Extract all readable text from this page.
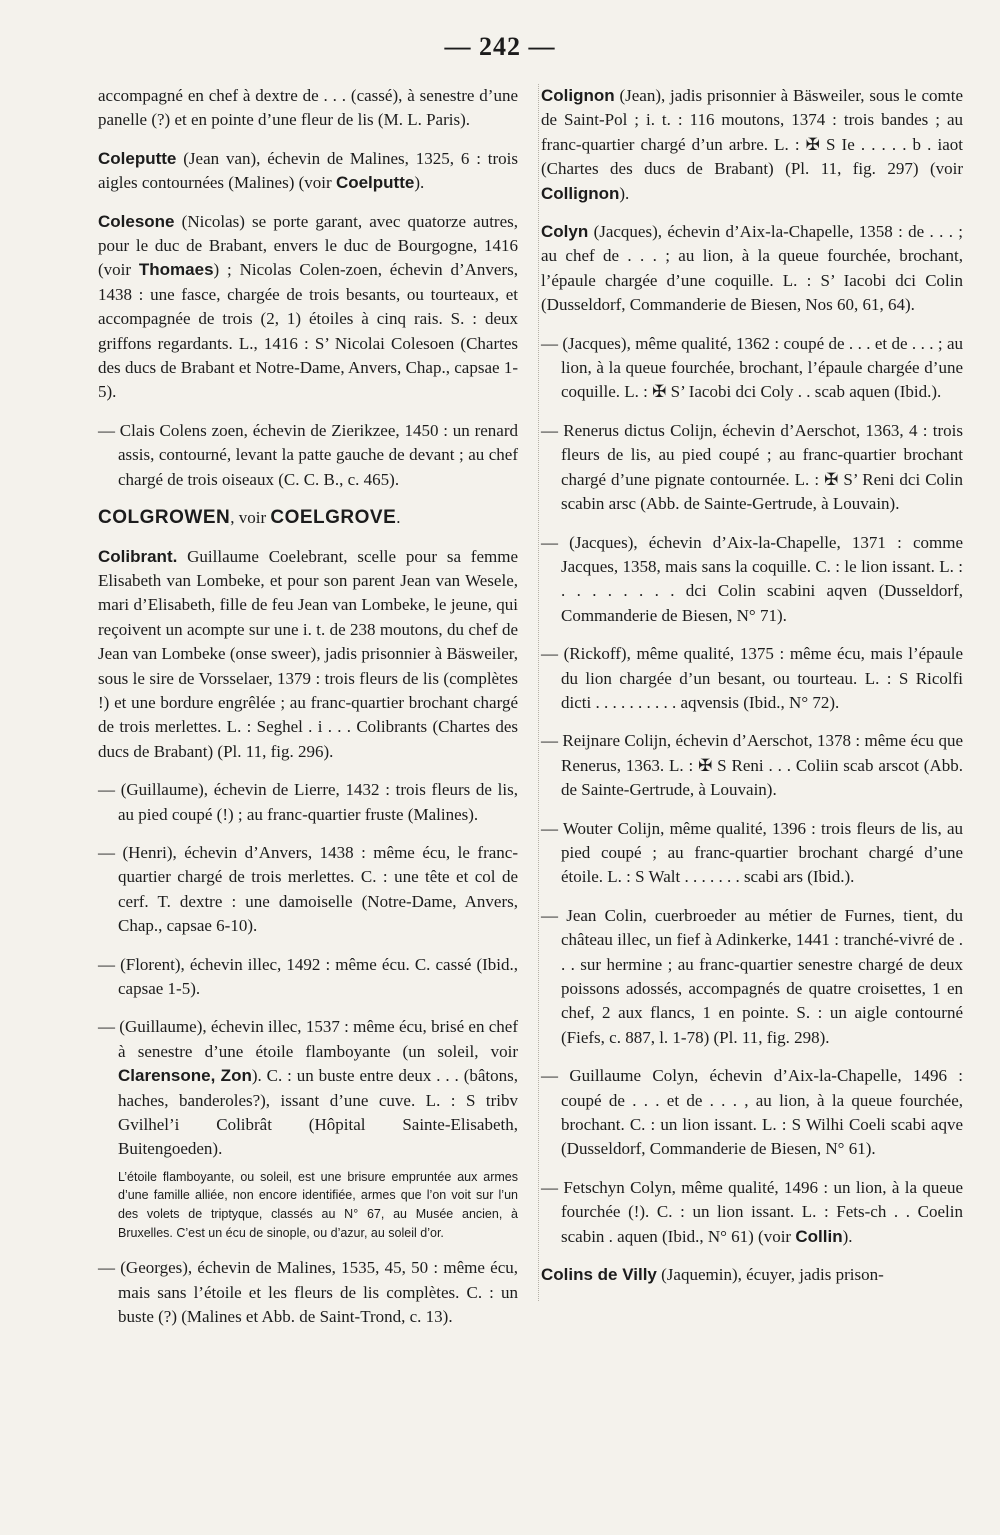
— 242 —

accompagné en chef à dextre de . . . (cassé), à senestre d’une panelle (?) et en pointe d’une fleur de lis (M. L. Paris).

Coleputte (Jean van), échevin de Malines, 1325, 6 : trois aigles contournées (Malines) (voir Coelputte).

Colesone (Nicolas) se porte garant, avec quatorze autres, pour le duc de Brabant, envers le duc de Bourgogne, 1416 (voir Thomaes) ; Nicolas Colen-zoen, échevin d’Anvers, 1438 : une fasce, chargée de trois besants, ou tourteaux, et accompagnée de trois (2, 1) étoiles à cinq rais. S. : deux griffons regardants. L., 1416 : S’ Nicolai Colesoen (Chartes des ducs de Brabant et Notre-Dame, Anvers, Chap., capsae 1-5).

— Clais Colens zoen, échevin de Zierikzee, 1450 : un renard assis, contourné, levant la patte gauche de devant ; au chef chargé de trois oiseaux (C. C. B., c. 465).

COLGROWEN, voir COELGROVE.

Colibrant. Guillaume Coelebrant, scelle pour sa femme Elisabeth van Lombeke, et pour son parent Jean van Wesele, mari d’Elisabeth, fille de feu Jean van Lombeke, le jeune, qui reçoivent un acompte sur une i. t. de 238 moutons, du chef de Jean van Lombeke (onse sweer), jadis prisonnier à Bäsweiler, sous le sire de Vorsselaer, 1379 : trois fleurs de lis (complètes !) et une bordure engrêlée ; au franc-quartier brochant chargé de trois merlettes. L. : Seghel . i . . . Colibrants (Chartes des ducs de Brabant) (Pl. 11, fig. 296).

— (Guillaume), échevin de Lierre, 1432 : trois fleurs de lis, au pied coupé (!) ; au franc-quartier fruste (Malines).

— (Henri), échevin d’Anvers, 1438 : même écu, le franc-quartier chargé de trois merlettes. C. : une tête et col de cerf. T. dextre : une damoiselle (Notre-Dame, Anvers, Chap., capsae 6-10).

— (Florent), échevin illec, 1492 : même écu. C. cassé (Ibid., capsae 1-5).

— (Guillaume), échevin illec, 1537 : même écu, brisé en chef à senestre d’une étoile flamboyante (un soleil, voir Clarensone, Zon). C. : un buste entre deux . . . (bâtons, haches, banderoles?), issant d’une cuve. L. : S tribv Gvilhel’i Colibrât (Hôpital Sainte-Elisabeth, Buitengoeden).

L’étoile flamboyante, ou soleil, est une brisure empruntée aux armes d’une famille alliée, non encore identifiée, armes que l’on voit sur l’un des volets de triptyque, classés au N° 67, au Musée ancien, à Bruxelles. C’est un écu de sinople, ou d’azur, au soleil d’or.

— (Georges), échevin de Malines, 1535, 45, 50 : même écu, mais sans l’étoile et les fleurs de lis complètes. C. : un buste (?) (Malines et Abb. de Saint-Trond, c. 13).

Colignon (Jean), jadis prisonnier à Bäsweiler, sous le comte de Saint-Pol ; i. t. : 116 moutons, 1374 : trois bandes ; au franc-quartier chargé d’un arbre. L. : ✠ S Ie . . . . . b . iaot (Chartes des ducs de Brabant) (Pl. 11, fig. 297) (voir Collignon).

Colyn (Jacques), échevin d’Aix-la-Chapelle, 1358 : de . . . ; au chef de . . . ; au lion, à la queue fourchée, brochant, l’épaule chargée d’une coquille. L. : S’ Iacobi dci Colin (Dusseldorf, Commanderie de Biesen, Nos 60, 61, 64).

— (Jacques), même qualité, 1362 : coupé de . . . et de . . . ; au lion, à la queue fourchée, brochant, l’épaule chargée d’une coquille. L. : ✠ S’ Iacobi dci Coly . . scab aquen (Ibid.).

— Renerus dictus Colijn, échevin d’Aerschot, 1363, 4 : trois fleurs de lis, au pied coupé ; au franc-quartier brochant chargé d’une pignate contournée. L. : ✠ S’ Reni dci Colin scabin arsc (Abb. de Sainte-Gertrude, à Louvain).

— (Jacques), échevin d’Aix-la-Chapelle, 1371 : comme Jacques, 1358, mais sans la coquille. C. : le lion issant. L. : . . . . . . . . dci Colin scabini aqven (Dusseldorf, Commanderie de Biesen, N° 71).

— (Rickoff), même qualité, 1375 : même écu, mais l’épaule du lion chargée d’un besant, ou tourteau. L. : S Ricolfi dicti . . . . . . . . . . aqvensis (Ibid., N° 72).

— Reijnare Colijn, échevin d’Aerschot, 1378 : même écu que Renerus, 1363. L. : ✠ S Reni . . . Coliin scab arscot (Abb. de Sainte-Gertrude, à Louvain).

— Wouter Colijn, même qualité, 1396 : trois fleurs de lis, au pied coupé ; au franc-quartier brochant chargé d’une étoile. L. : S Walt . . . . . . . scabi ars (Ibid.).

— Jean Colin, cuerbroeder au métier de Furnes, tient, du château illec, un fief à Adinkerke, 1441 : tranché-vivré de . . . sur hermine ; au franc-quartier senestre chargé de deux poissons adossés, accompagnés de quatre croisettes, 1 en chef, 2 aux flancs, 1 en pointe. S. : un aigle contourné (Fiefs, c. 887, l. 1-78) (Pl. 11, fig. 298).

— Guillaume Colyn, échevin d’Aix-la-Chapelle, 1496 : coupé de . . . et de . . . , au lion, à la queue fourchée, brochant. C. : un lion issant. L. : S Wilhi Coeli scabi aqve (Dusseldorf, Commanderie de Biesen, N° 61).

— Fetschyn Colyn, même qualité, 1496 : un lion, à la queue fourchée (!). C. : un lion issant. L. : Fets-ch . . Coelin scabin . aquen (Ibid., N° 61) (voir Collin).

Colins de Villy (Jaquemin), écuyer, jadis prison-
